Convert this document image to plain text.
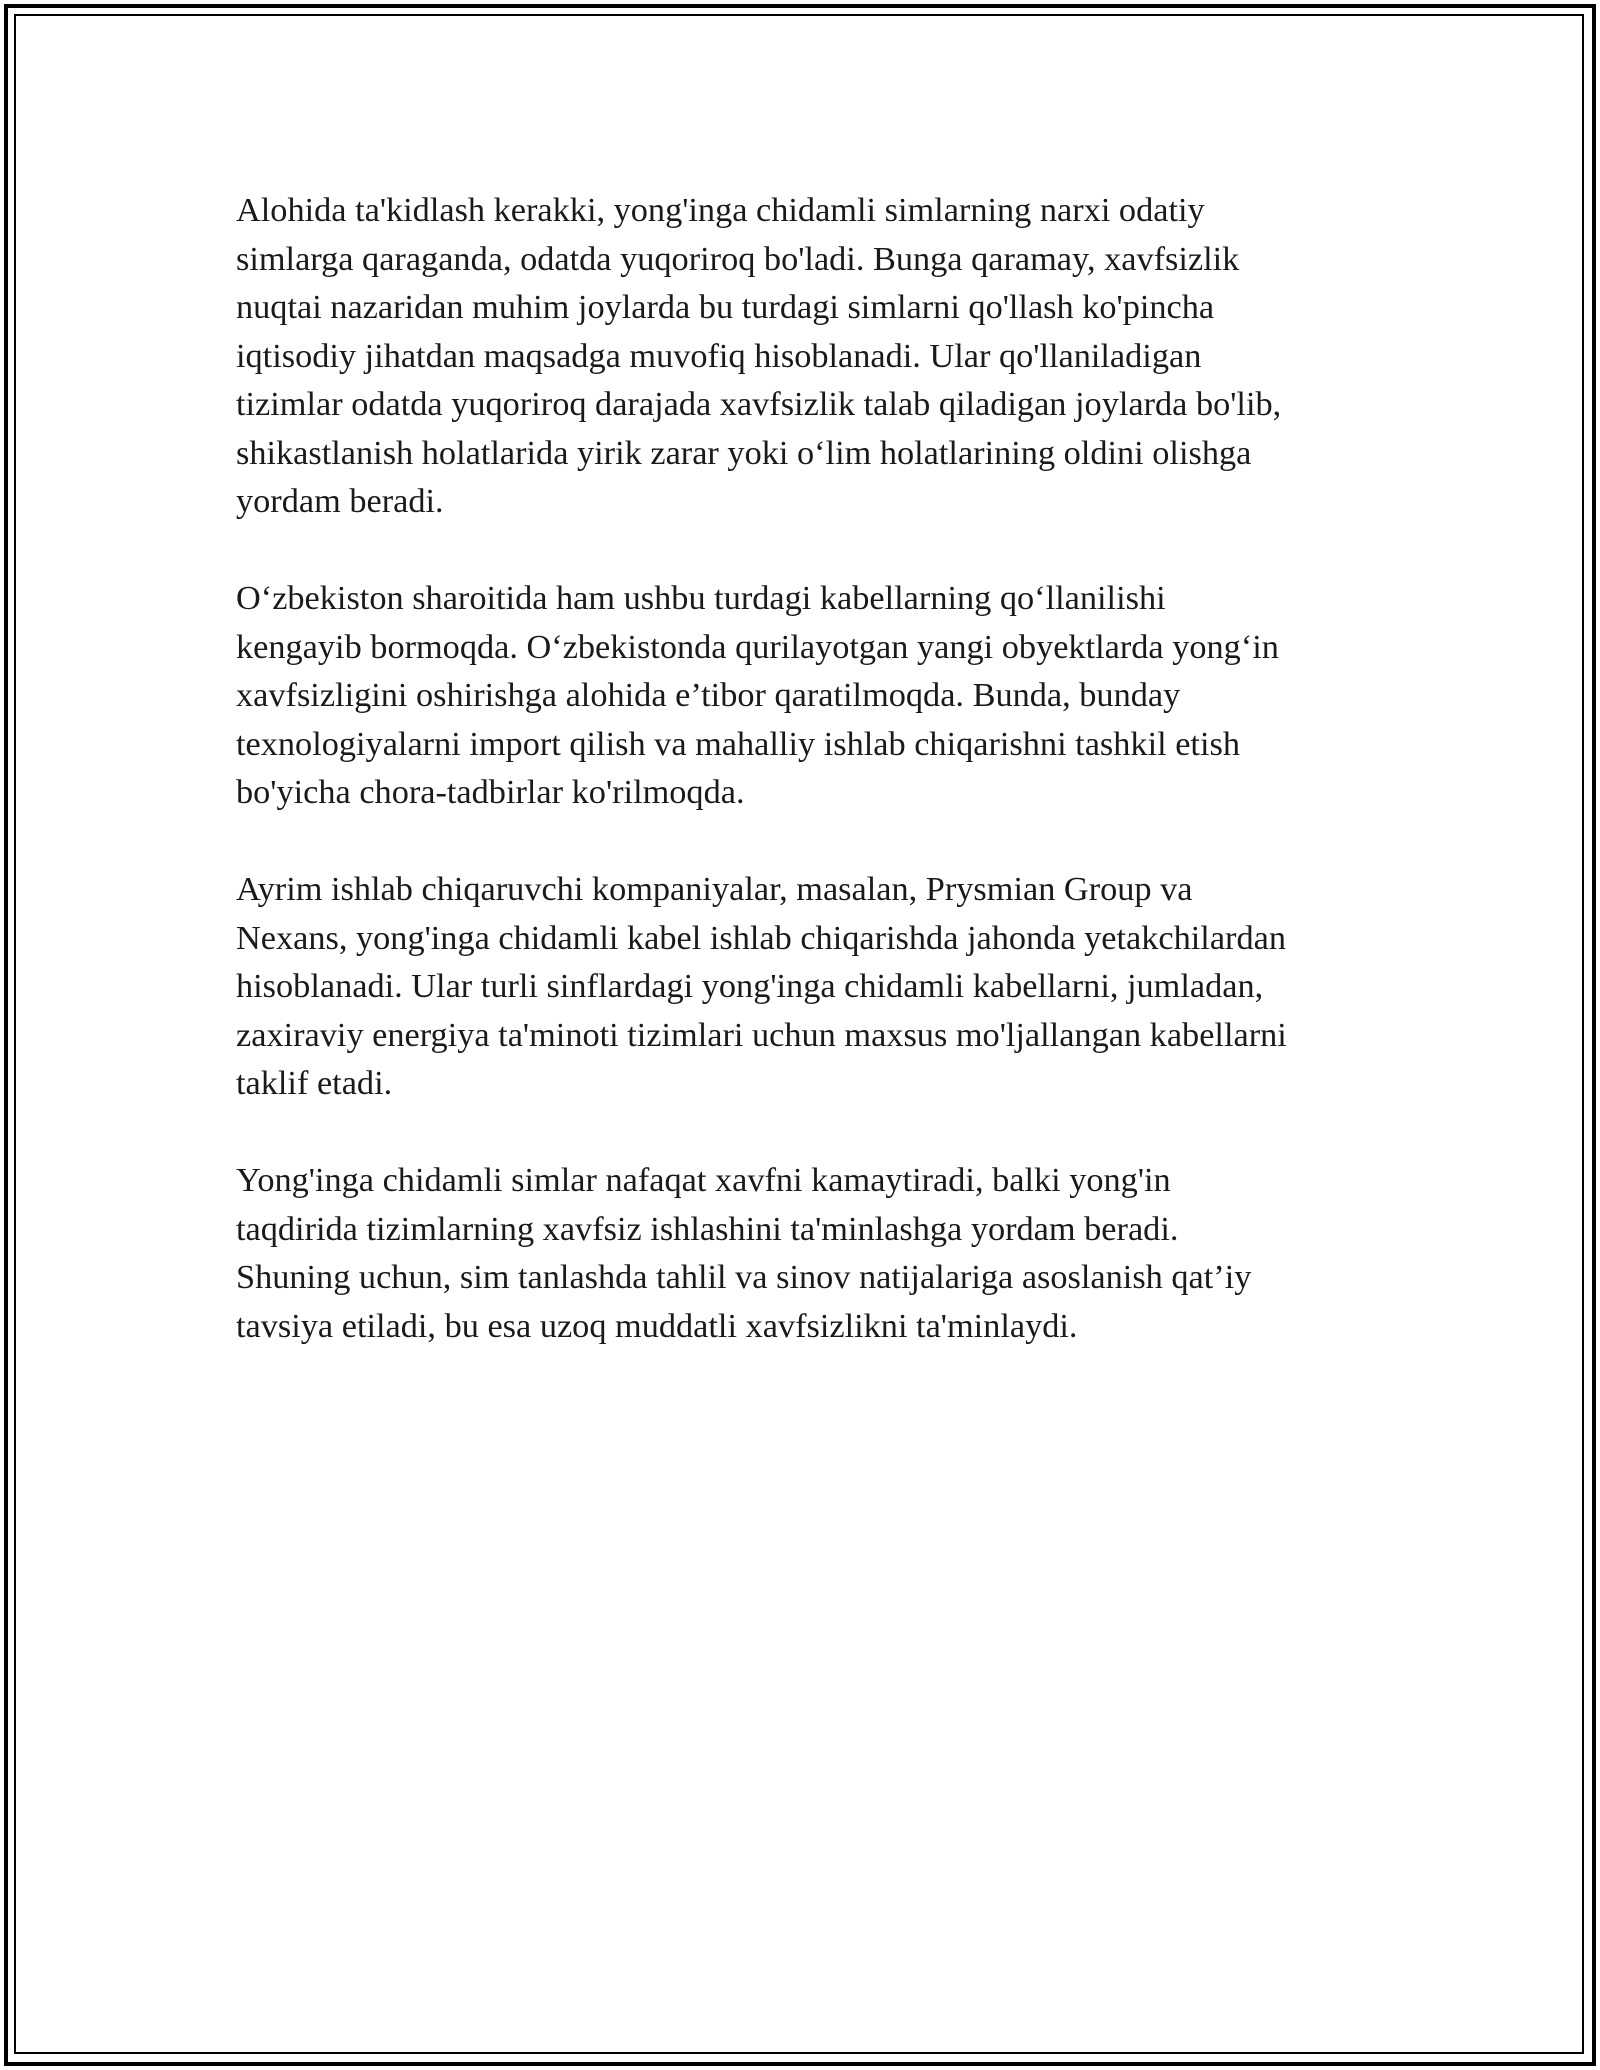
Alohida ta'kidlash kerakki, yong'inga chidamli simlarning narxi odatiy
simlarga qaraganda, odatda yuqoriroq bo'ladi. Bunga qaramay, xavfsizlik
nuqtai nazaridan muhim joylarda bu turdagi simlarni qo'llash ko'pincha
iqtisodiy jihatdan maqsadga muvofiq hisoblanadi. Ular qo'llaniladigan
tizimlar odatda yuqoriroq darajada xavfsizlik talab qiladigan joylarda bo'lib,
shikastlanish holatlarida yirik zarar yoki o‘lim holatlarining oldini olishga
yordam beradi.

O‘zbekiston sharoitida ham ushbu turdagi kabellarning qo‘llanilishi
kengayib bormoqda. O‘zbekistonda qurilayotgan yangi obyektlarda yong‘in
xavfsizligini oshirishga alohida e’tibor qaratilmoqda. Bunda, bunday
texnologiyalarni import qilish va mahalliy ishlab chiqarishni tashkil etish
bo'yicha chora-tadbirlar ko'rilmoqda.

Ayrim ishlab chiqaruvchi kompaniyalar, masalan, Prysmian Group va
Nexans, yong'inga chidamli kabel ishlab chiqarishda jahonda yetakchilardan
hisoblanadi. Ular turli sinflardagi yong'inga chidamli kabellarni, jumladan,
zaxiraviy energiya ta'minoti tizimlari uchun maxsus mo'ljallangan kabellarni
taklif etadi.

Yong'inga chidamli simlar nafaqat xavfni kamaytiradi, balki yong'in
taqdirida tizimlarning xavfsiz ishlashini ta'minlashga yordam beradi.
Shuning uchun, sim tanlashda tahlil va sinov natijalariga asoslanish qat’iy
tavsiya etiladi, bu esa uzoq muddatli xavfsizlikni ta'minlaydi.
